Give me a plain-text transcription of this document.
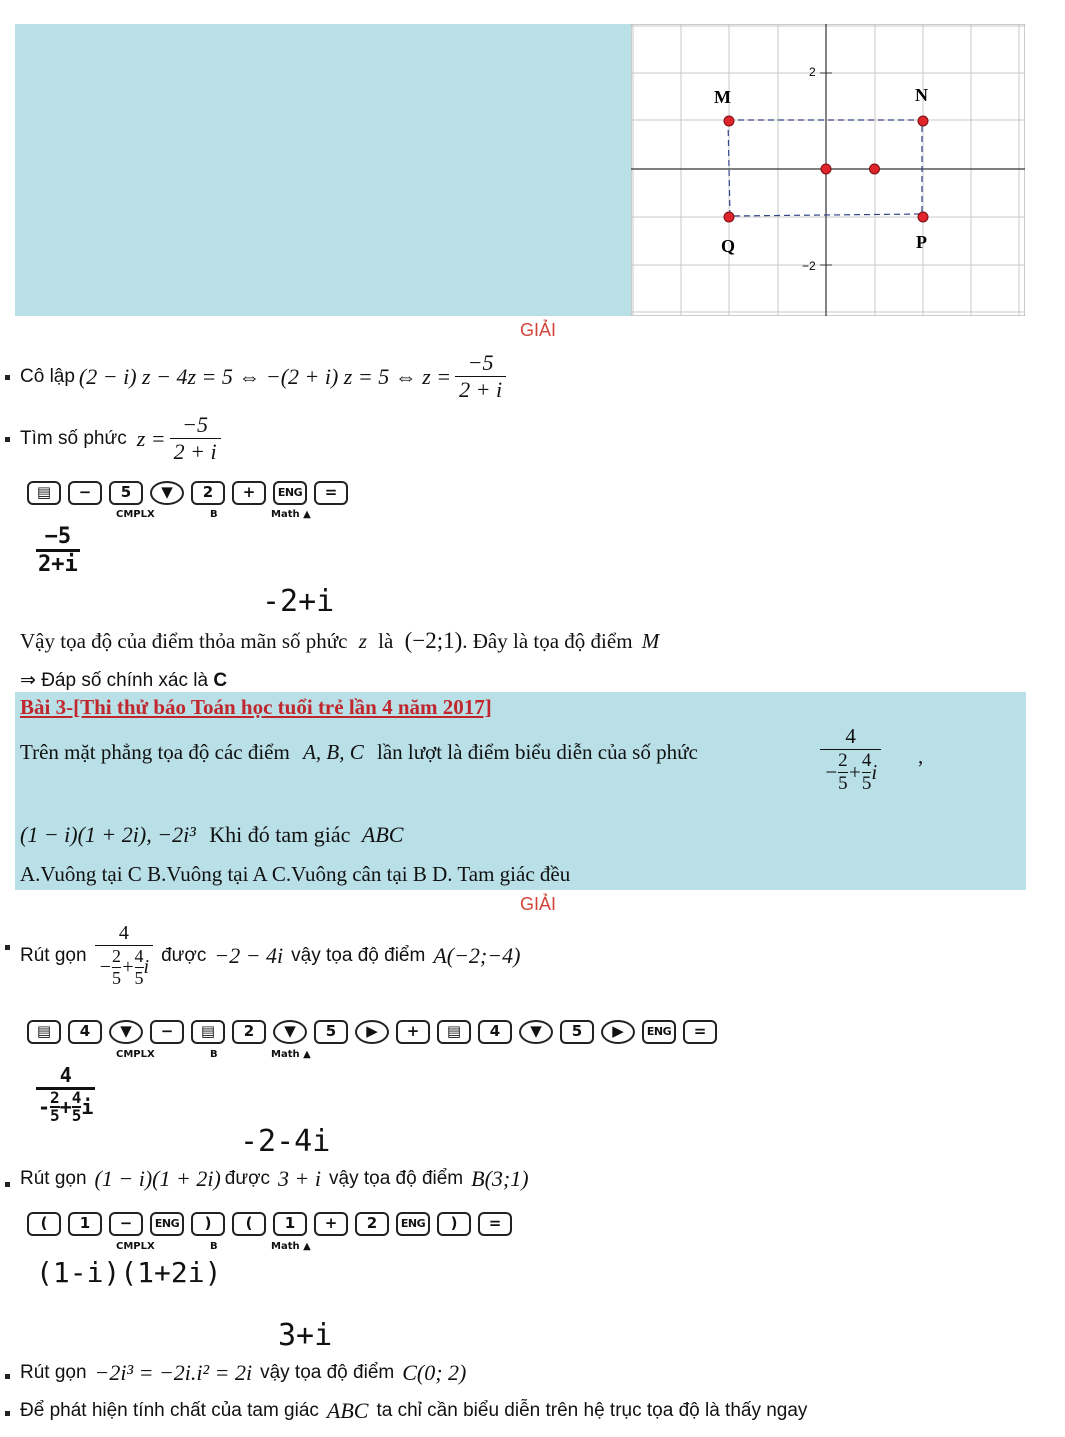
2
−2
M	N
Q	P
GIẢI
Cô lập (2 − i) z − 4z = 5 ⇔ −(2 + i) z = 5 ⇔ $z = \frac{-5}{2 + i}$
Tìm số phức $z = \frac{-5}{2 + i}$
▤ − 5 ▼ 2 + ENG =
CMPLX	B	Math ▲
−5
2+i
-2+i
Vậy tọa độ của điểm thỏa mãn số phức z là (−2;1). Đây là tọa độ điểm M
⇒ Đáp số chính xác là C
Bài 3-[Thi thử báo Toán học tuổi trẻ lần 4 năm 2017]
Trên mặt phẳng tọa độ các điểm A, B, C lần lượt là điểm biểu diễn của số phức
4
− $\frac{2}{5} + \frac{4}{5}$ i
,
(1 − i)(1 + 2i), −2i³ Khi đó tam giác ABC
A.Vuông tại C B.Vuông tại A C.Vuông cân tại B D. Tam giác đều
GIẢI
Rút gọn
4
− $\frac{2}{5} + \frac{4}{5}$ i
được −2 − 4i vậy tọa độ điểm A(−2;−4)
▤ 4 ▼ − ▤ 2 ▼ 5 ▶ + ▤ 4 ▼ 5 ▶ ENG =
CMPLX	B	Math ▲
4
- 2
$5 + \frac{4}{5}$ i
-2-4i
Rút gọn (1 − i)(1 + 2i) được 3 + i vậy tọa độ điểm B(3;1)
( 1 − ENG ) ( 1 + 2 ENG ) =
CMPLX	B	Math ▲
(1-i)(1+2i)
3+i
Rút gọn −2i³ = −2i.i² = 2i vậy tọa độ điểm C(0; 2)
Để phát hiện tính chất của tam giác ABC ta chỉ cần biểu diễn trên hệ trục tọa độ là thấy ngay
